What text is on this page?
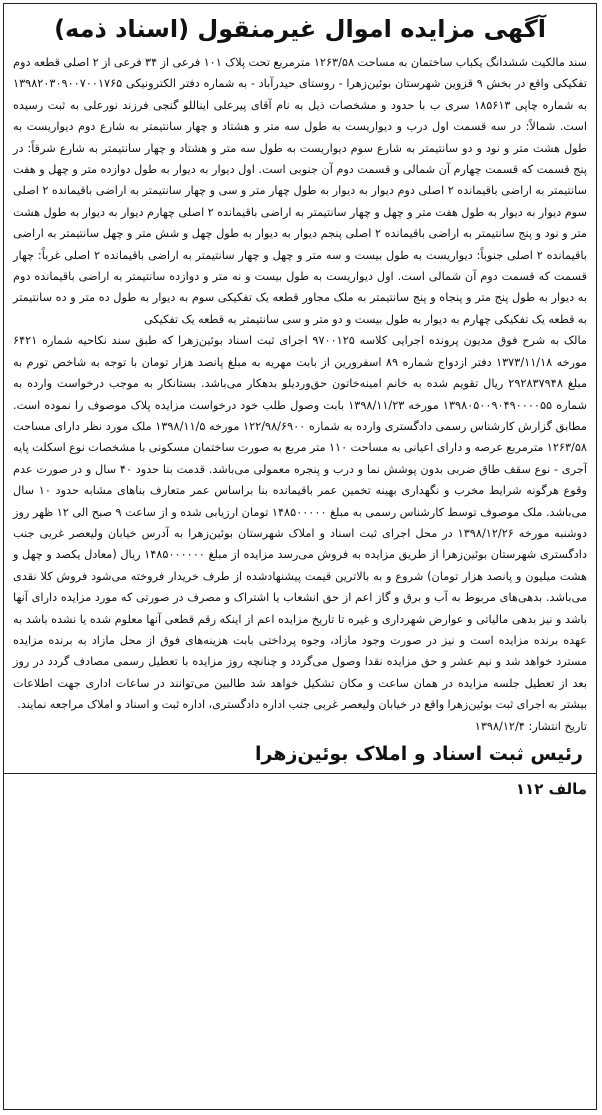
آگهی مزایده اموال غیرمنقول (اسناد ذمه)

سند مالکیت ششدانگ یکباب ساختمان به مساحت ۱۲۶۳/۵۸ مترمربع تحت پلاک ۱۰۱ فرعی از ۳۴ فرعی از ۲ اصلی قطعه دوم تفکیکی واقع در بخش ۹ قزوین شهرستان بوئین‌زهرا - روستای حیدرآباد - به شماره دفتر الکترونیکی ۱۳۹۸۲۰۳۰۹۰۰۷۰۰۱۷۶۵ به شماره چاپی ۱۸۵۶۱۳ سری ب با حدود و مشخصات ذیل به نام آقای پیرعلی ایناللو گنجی فرزند نورعلی به ثبت رسیده است. شمالاً: در سه قسمت اول درب و دیواریست به طول سه متر و هشتاد و چهار سانتیمتر به شارع دوم دیواریست به طول هشت متر و نود و دو سانتیمتر به شارع سوم دیواریست به طول سه متر و هشتاد و چهار سانتیمتر به شارع شرقاً: در پنج قسمت که قسمت چهارم آن شمالی و قسمت دوم آن جنوبی است. اول دیوار به دیوار به طول دوازده متر و چهل و هفت سانتیمتر به اراضی باقیمانده ۲ اصلی دوم دیوار به دیوار به طول چهار متر و سی و چهار سانتیمتر به اراضی باقیمانده ۲ اصلی سوم دیوار به دیوار به طول هفت متر و چهل و چهار سانتیمتر به اراضی باقیمانده ۲ اصلی چهارم دیوار به دیوار به طول هشت متر و نود و پنج سانتیمتر به اراضی باقیمانده ۲ اصلی پنجم دیوار به دیوار به طول چهل و شش متر و چهل سانتیمتر به اراضی باقیمانده ۲ اصلی جنوباً: دیواریست به طول بیست و سه متر و چهل و چهار سانتیمتر به اراضی باقیمانده ۲ اصلی غرباً: چهار قسمت که قسمت دوم آن شمالی است. اول دیواریست به طول بیست و نه متر و دوازده سانتیمتر به اراضی باقیمانده دوم به دیوار به طول پنج متر و پنجاه و پنج سانتیمتر به ملک مجاور قطعه یک تفکیکی سوم به دیوار به طول ده متر و ده سانتیمتر به قطعه یک تفکیکی چهارم به دیوار به طول بیست و دو متر و سی سانتیمتر به قطعه یک تفکیکی

مالک به شرح فوق مدیون پرونده اجرایی کلاسه ۹۷۰۰۱۲۵ اجرای ثبت اسناد بوئین‌زهرا که طبق سند نکاحیه شماره ۶۴۲۱ مورخه ۱۳۷۳/۱۱/۱۸ دفتر ازدواج شماره ۸۹ اسفرورین از بابت مهریه به مبلغ پانصد هزار تومان با توجه به شاخص تورم به مبلغ ۲۹۲۸۳۷۹۴۸ ریال تقویم شده به خانم امینه‌خاتون حق‌وردیلو بدهکار می‌باشد. بستانکار به موجب درخواست وارده به شماره ۱۳۹۸۰۵۰۰۹۰۴۹۰۰۰۰۵۵ مورخه ۱۳۹۸/۱۱/۲۳ بابت وصول طلب خود درخواست مزایده پلاک موصوف را نموده است. مطابق گزارش کارشناس رسمی دادگستری وارده به شماره ۱۲۲/۹۸/۶۹۰۰ مورخه ۱۳۹۸/۱۱/۵ ملک مورد نظر دارای مساحت ۱۲۶۳/۵۸ مترمربع عرصه و دارای اعیانی به مساحت ۱۱۰ متر مربع به صورت ساختمان مسکونی با مشخصات نوع اسکلت پایه آجری - نوع سقف طاق ضربی بدون پوشش نما و درب و پنجره معمولی می‌باشد. قدمت بنا حدود ۴۰ سال و در صورت عدم وقوع هرگونه شرایط مخرب و نگهداری بهینه تخمین عمر باقیمانده بنا براساس عمر متعارف بناهای مشابه حدود ۱۰ سال می‌باشد. ملک موصوف توسط کارشناس رسمی به مبلغ ۱۴۸۵۰۰۰۰۰ تومان ارزیابی شده و از ساعت ۹ صبح الی ۱۲ ظهر روز دوشنبه مورخه ۱۳۹۸/۱۲/۲۶ در محل اجرای ثبت اسناد و املاک شهرستان بوئین‌زهرا به آدرس خیابان ولیعصر غربی جنب دادگستری شهرستان بوئین‌زهرا از طریق مزایده به فروش می‌رسد مزایده از مبلغ ۱۴۸۵۰۰۰۰۰۰ ریال (معادل یکصد و چهل و هشت میلیون و پانصد هزار تومان) شروع و به بالاترین قیمت پیشنهادشده از طرف خریدار فروخته می‌شود فروش کلا نقدی می‌باشد. بدهی‌های مربوط به آب و برق و گاز اعم از حق انشعاب یا اشتراک و مصرف در صورتی که مورد مزایده دارای آنها باشد و نیز بدهی مالیاتی و عوارض شهرداری و غیره تا تاریخ مزایده اعم از اینکه رقم قطعی آنها معلوم شده یا نشده باشد به عهده برنده مزایده است و نیز در صورت وجود مازاد، وجوه پرداختی بابت هزینه‌های فوق از محل مازاد به برنده مزایده مسترد خواهد شد و نیم عشر و حق مزایده نقدا وصول می‌گردد و چنانچه روز مزایده با تعطیل رسمی مصادف گردد در روز بعد از تعطیل جلسه مزایده در همان ساعت و مکان تشکیل خواهد شد طالبین می‌توانند در ساعات اداری جهت اطلاعات بیشتر به اجرای ثبت بوئین‌زهرا واقع در خیابان ولیعصر غربی جنب اداره دادگستری، اداره ثبت و اسناد و املاک مراجعه نمایند.

تاریخ انتشار: ۱۳۹۸/۱۲/۴

رئیس ثبت اسناد و املاک بوئین‌زهرا
مالف ۱۱۲
